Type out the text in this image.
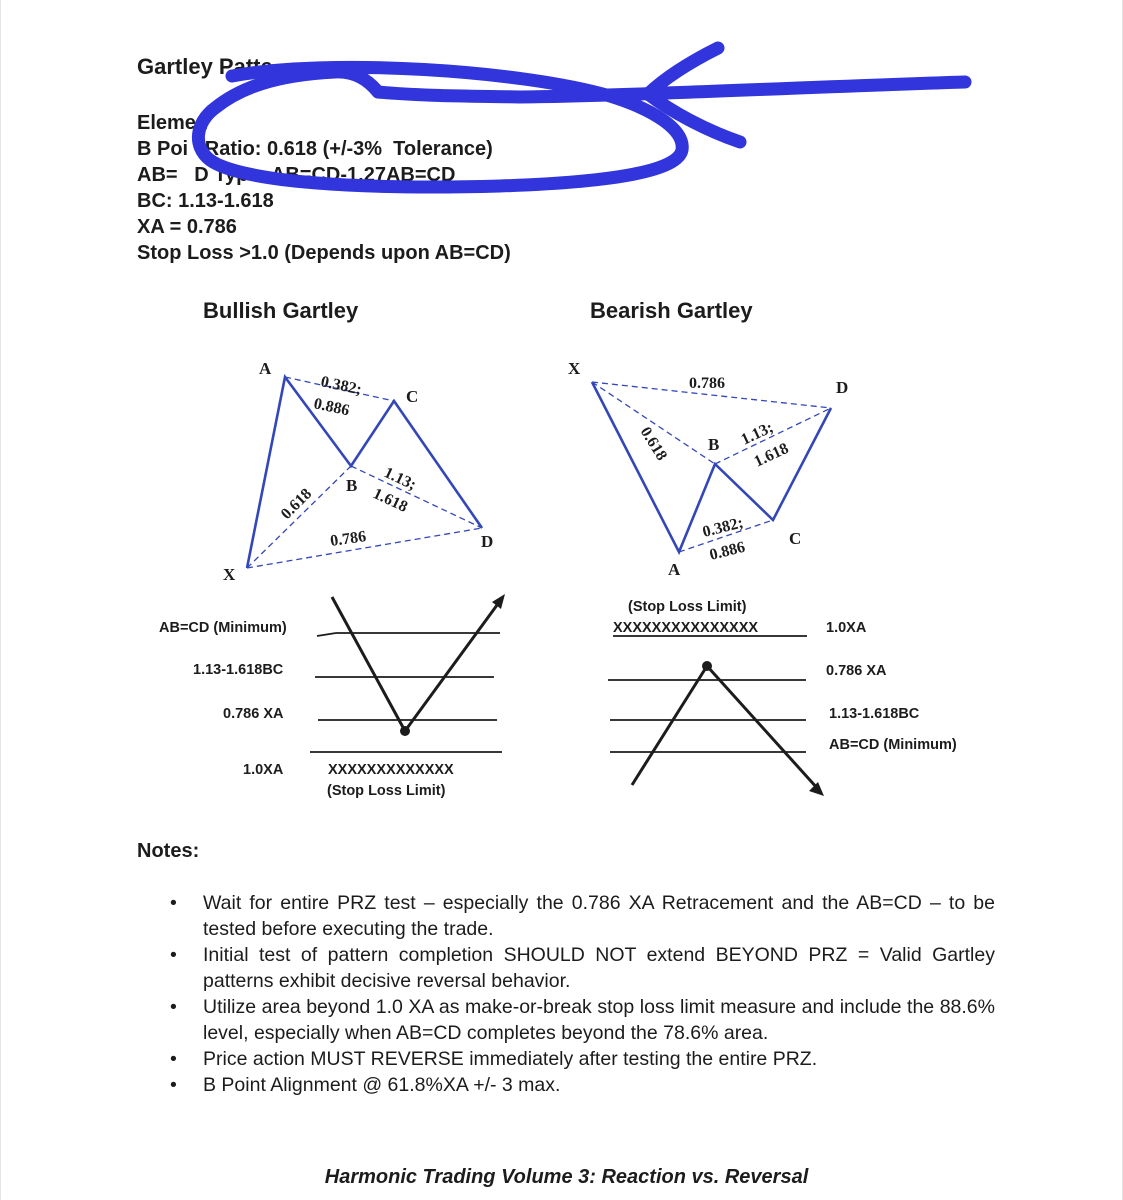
Gartley Patte
Elemen
B Poi   Ratio: 0.618 (+/-3%  Tolerance)
AB=   D Type: AB=CD-1.27AB=CD
BC: 1.13-1.618
XA = 0.786
Stop Loss >1.0 (Depends upon AB=CD)
Bullish Gartley	Bearish Gartley
A
C
B
X
D
0.382;
0.886
0.618
1.13;
1.618
0.786
X
D
B
A
C
0.786
0.618	1.13;
1.618
0.382;
0.886
AB=CD (Minimum)
1.13-1.618BC
0.786 XA
1.0XA	XXXXXXXXXXXXX
(Stop Loss Limit)
(Stop Loss Limit)
XXXXXXXXXXXXXXX	1.0XA
0.786 XA
1.13-1.618BC
AB=CD (Minimum)
Notes:
• Wait for entire PRZ test – especially the 0.786 XA Retracement and the AB=CD – to be tested before executing the trade.
• Initial test of pattern completion SHOULD NOT extend BEYOND PRZ = Valid Gartley patterns exhibit decisive reversal behavior.
• Utilize area beyond 1.0 XA as make-or-break stop loss limit measure and include the 88.6% level, especially when AB=CD completes beyond the 78.6% area.
• Price action MUST REVERSE immediately after testing the entire PRZ.
• B Point Alignment @ 61.8%XA +/- 3 max.
Harmonic Trading Volume 3: Reaction vs. Reversal
